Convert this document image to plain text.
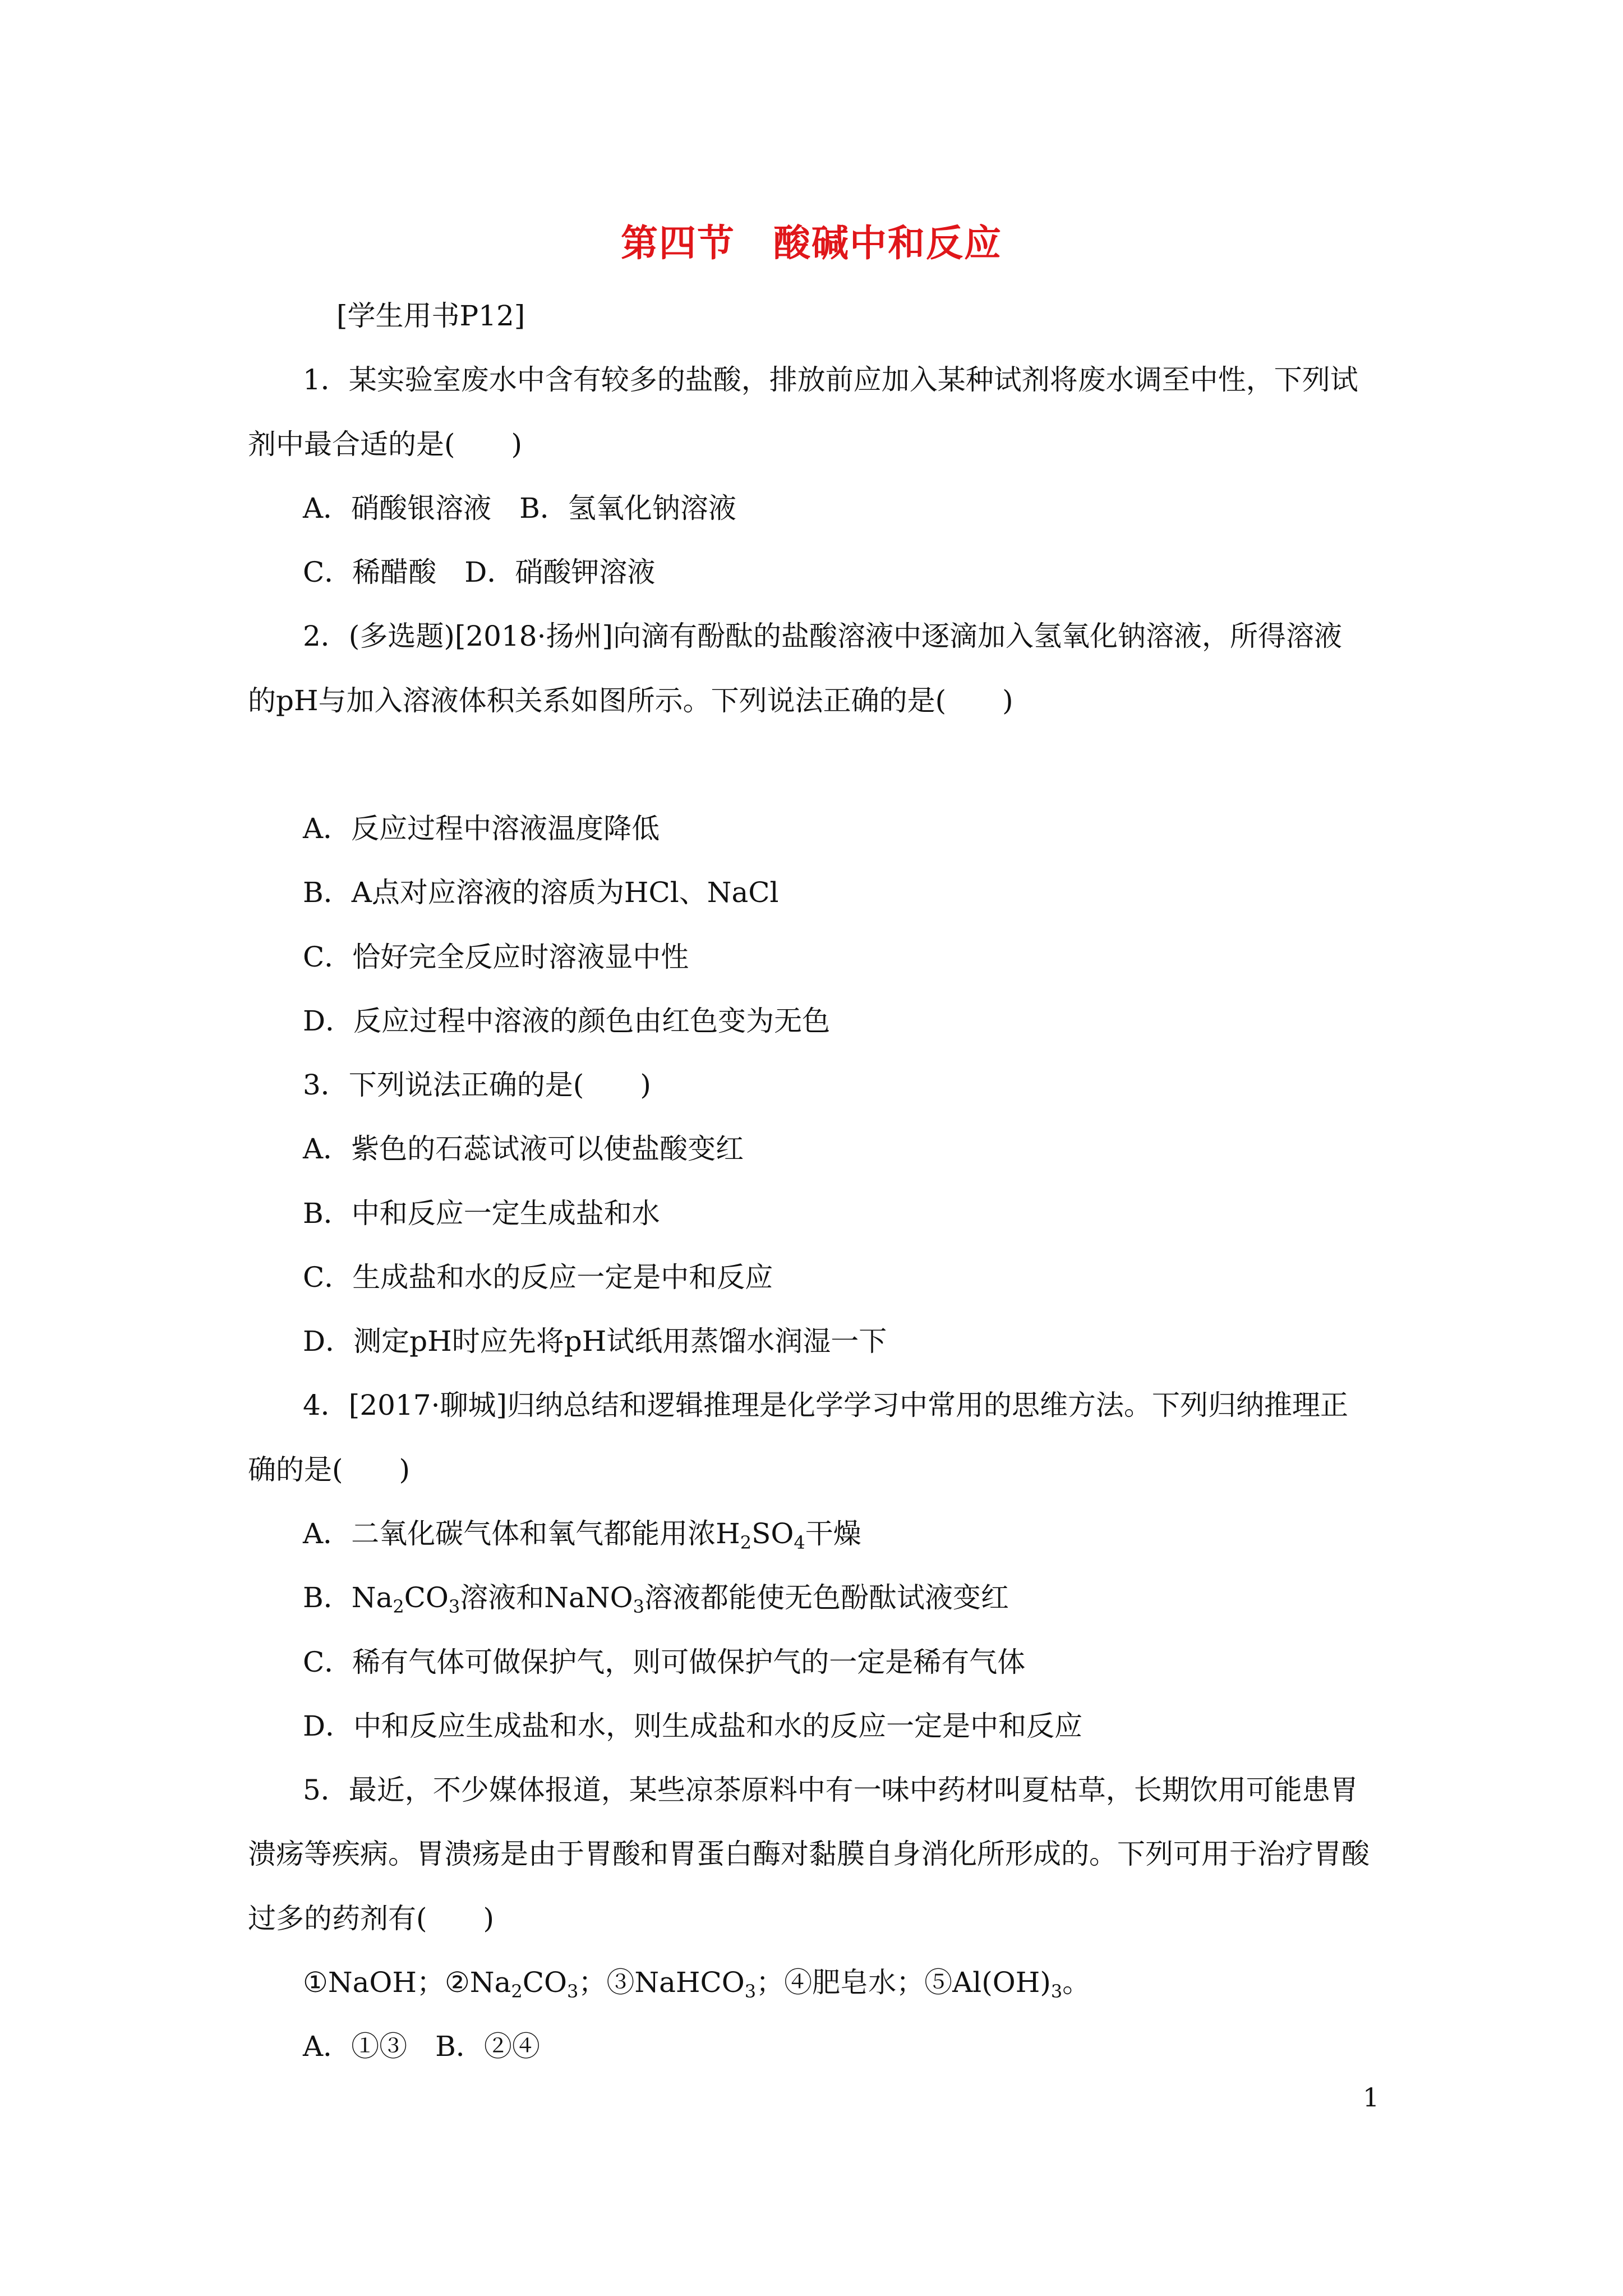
第四节　酸碱中和反应
[学生用书P12]
1．某实验室废水中含有较多的盐酸，排放前应加入某种试剂将废水调至中性，下列试
剂中最合适的是(　　)
A．硝酸银溶液　B．氢氧化钠溶液
C．稀醋酸　D．硝酸钾溶液
2．(多选题)[2018·扬州]向滴有酚酞的盐酸溶液中逐滴加入氢氧化钠溶液，所得溶液
的pH与加入溶液体积关系如图所示。下列说法正确的是(　　)
A．反应过程中溶液温度降低
B．A点对应溶液的溶质为HCl、NaCl
C．恰好完全反应时溶液显中性
D．反应过程中溶液的颜色由红色变为无色
3．下列说法正确的是(　　)
A．紫色的石蕊试液可以使盐酸变红
B．中和反应一定生成盐和水
C．生成盐和水的反应一定是中和反应
D．测定pH时应先将pH试纸用蒸馏水润湿一下
4．[2017·聊城]归纳总结和逻辑推理是化学学习中常用的思维方法。下列归纳推理正
确的是(　　)
A．二氧化碳气体和氧气都能用浓$H_2SO_4$干燥
B．$Na_2CO_3$溶液和NaNO$_3$溶液都能使无色酚酞试液变红
C．稀有气体可做保护气，则可做保护气的一定是稀有气体
D．中和反应生成盐和水，则生成盐和水的反应一定是中和反应
5．最近，不少媒体报道，某些凉茶原料中有一味中药材叫夏枯草，长期饮用可能患胃
溃疡等疾病。胃溃疡是由于胃酸和胃蛋白酶对黏膜自身消化所形成的。下列可用于治疗胃酸
过多的药剂有(　　)
①NaOH；$②Na_2CO_3$；③NaHCO$_3$；④肥皂水；$⑤Al(OH)_3$。
A．①③　B．②④
1
